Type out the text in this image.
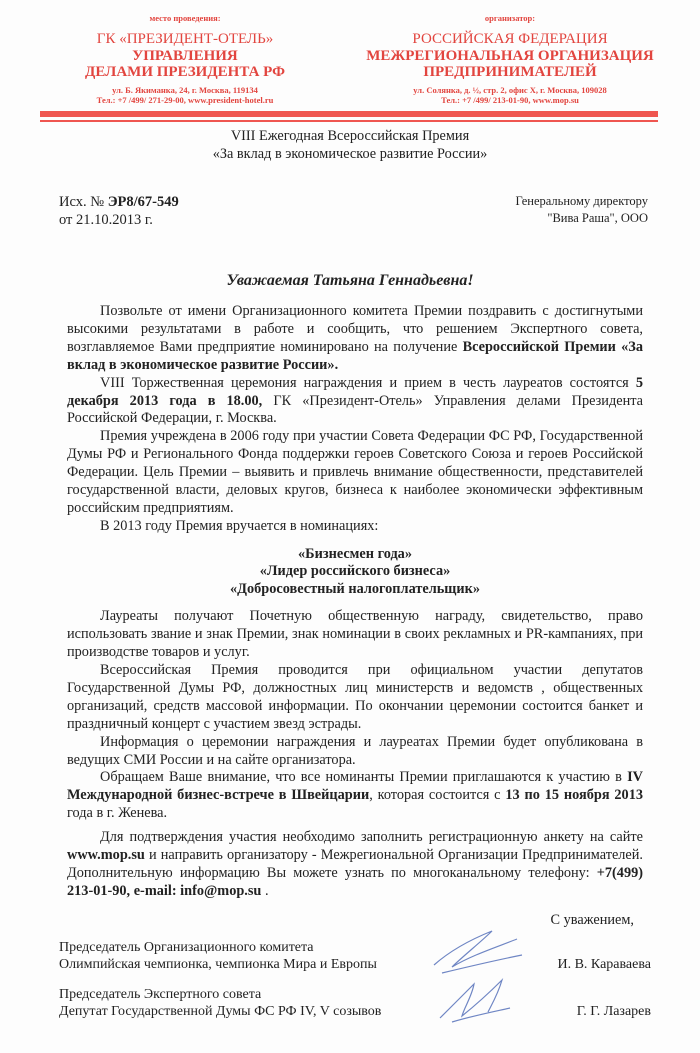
место проведения:
ГК «ПРЕЗИДЕНТ-ОТЕЛЬ»
УПРАВЛЕНИЯ
ДЕЛАМИ ПРЕЗИДЕНТА РФ
ул. Б. Якиманка, 24, г. Москва, 119134
Тел.: +7 /499/ 271-29-00, www.president-hotel.ru
организатор:
РОССИЙСКАЯ ФЕДЕРАЦИЯ
МЕЖРЕГИОНАЛЬНАЯ ОРГАНИЗАЦИЯ
ПРЕДПРИНИМАТЕЛЕЙ
ул. Солянка, д. ½, стр. 2, офис Х, г. Москва, 109028
Тел.: +7 /499/ 213-01-90, www.mop.su
VIII Ежегодная Всероссийская Премия
«За вклад в экономическое развитие России»
Исх. № ЭР8/67-549
от 21.10.2013 г.
Генеральному директору
"Вива Раша", ООО
Уважаемая Татьяна Геннадьевна!

Позвольте от имени Организационного комитета Премии поздравить с достигнутыми высокими результатами в работе и сообщить, что решением Экспертного совета, возглавляемое Вами предприятие номинировано на получение Всероссийской Премии «За вклад в экономическое развитие России».

VIII Торжественная церемония награждения и прием в честь лауреатов состоятся 5 декабря 2013 года в 18.00, ГК «Президент-Отель» Управления делами Президента Российской Федерации, г. Москва.

Премия учреждена в 2006 году при участии Совета Федерации ФС РФ, Государственной Думы РФ и Регионального Фонда поддержки героев Советского Союза и героев Российской Федерации. Цель Премии – выявить и привлечь внимание общественности, представителей государственной власти, деловых кругов, бизнеса к наиболее экономически эффективным российским предприятиям.

В 2013 году Премия вручается в номинациях:

«Бизнесмен года»
«Лидер российского бизнеса»
«Добросовестный налогоплательщик»

Лауреаты получают Почетную общественную награду, свидетельство, право использовать звание и знак Премии, знак номинации в своих рекламных и PR-кампаниях, при производстве товаров и услуг.

Всероссийская Премия проводится при официальном участии депутатов Государственной Думы РФ, должностных лиц министерств и ведомств , общественных организаций, средств массовой информации. По окончании церемонии состоится банкет и праздничный концерт с участием звезд эстрады.

Информация о церемонии награждения и лауреатах Премии будет опубликована в ведущих СМИ России и на сайте организатора.

Обращаем Ваше внимание, что все номинанты Премии приглашаются к участию в IV Международной бизнес-встрече в Швейцарии, которая состоится с 13 по 15 ноября 2013 года в г. Женева.

Для подтверждения участия необходимо заполнить регистрационную анкету на сайте www.mop.su и направить организатору - Межрегиональной Организации Предпринимателей. Дополнительную информацию Вы можете узнать по многоканальному телефону: +7(499) 213-01-90, e-mail: info@mop.su .

С уважением,
Председатель Организационного комитета
Олимпийская чемпионка, чемпионка Мира и Европы	И. В. Караваева
Председатель Экспертного совета
Депутат Государственной Думы ФС РФ IV, V созывов	Г. Г. Лазарев
